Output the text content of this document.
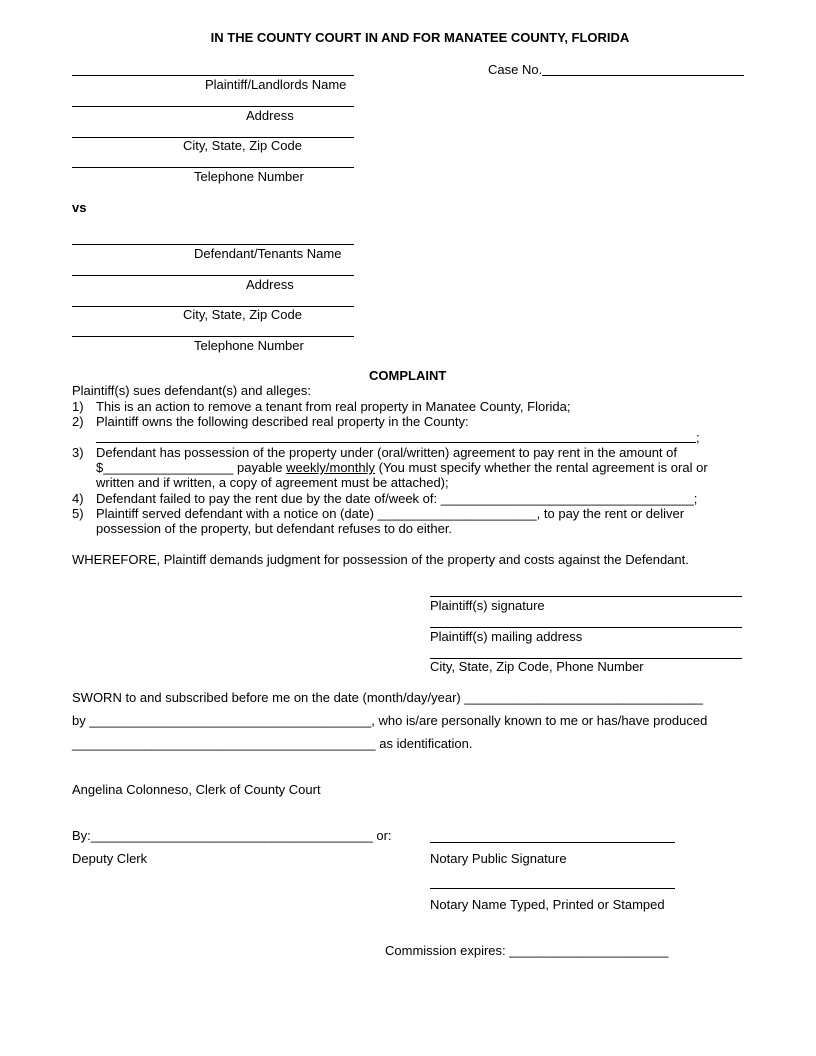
IN THE COUNTY COURT IN AND FOR MANATEE COUNTY, FLORIDA
Case No.
Plaintiff/Landlords Name
Address
City, State, Zip Code
Telephone Number
vs
Defendant/Tenants Name
Address
City, State, Zip Code
Telephone Number
COMPLAINT
Plaintiff(s) sues defendant(s) and alleges:
1) This is an action to remove a tenant from real property in Manatee County, Florida;
2) Plaintiff owns the following described real property in the County:
;
3) Defendant has possession of the property under (oral/written) agreement to pay rent in the amount of
$__________________ payable weekly/monthly (You must specify whether the rental agreement is oral or
written and if written, a copy of agreement must be attached);
4) Defendant failed to pay the rent due by the date of/week of: ___________________________________;
5) Plaintiff served defendant with a notice on (date) ______________________, to pay the rent or deliver
possession of the property, but defendant refuses to do either.
WHEREFORE, Plaintiff demands judgment for possession of the property and costs against the Defendant.
Plaintiff(s) signature
Plaintiff(s) mailing address
City, State, Zip Code, Phone Number
SWORN to and subscribed before me on the date (month/day/year) _________________________________
by _______________________________________, who is/are personally known to me or has/have produced
__________________________________________ as identification.
Angelina Colonneso, Clerk of County Court
By:_______________________________________ or:
Deputy Clerk	Notary Public Signature
Notary Name Typed, Printed or Stamped
Commission expires: ______________________
